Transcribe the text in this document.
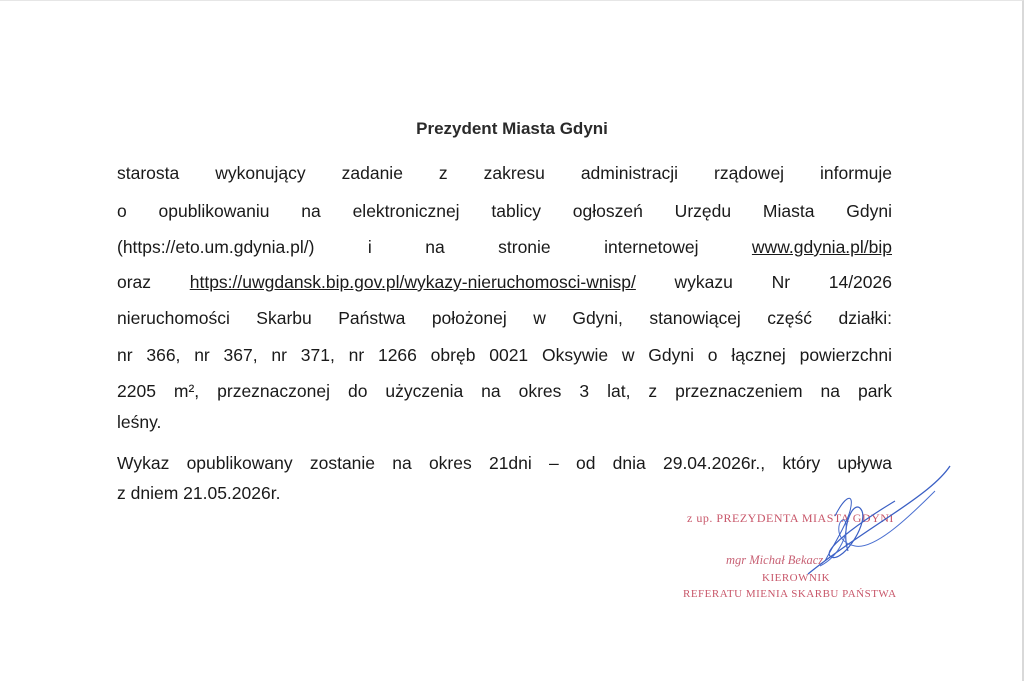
Prezydent Miasta Gdyni
starosta wykonujący zadanie z zakresu administracji rządowej informuje
o opublikowaniu na elektronicznej tablicy ogłoszeń Urzędu Miasta Gdyni
(https://eto.um.gdynia.pl/) i na stronie internetowej	www.gdynia.pl/bip
oraz https://uwgdansk.bip.gov.pl/wykazy-nieruchomosci-wnisp/ wykazu Nr 14/2026
nieruchomości Skarbu Państwa położonej w Gdyni, stanowiącej część działki:
nr 366, nr 367, nr 371, nr 1266 obręb 0021 Oksywie w Gdyni o łącznej powierzchni
2205 m², przeznaczonej do użyczenia na okres 3 lat, z przeznaczeniem na park
leśny.
Wykaz opublikowany zostanie na okres 21dni – od dnia 29.04.2026r., który upływa
z dniem 21.05.2026r.
z up. PREZYDENTA MIASTA GDYNI
mgr Michał Bekacz
KIEROWNIK
REFERATU MIENIA SKARBU PAŃSTWA
